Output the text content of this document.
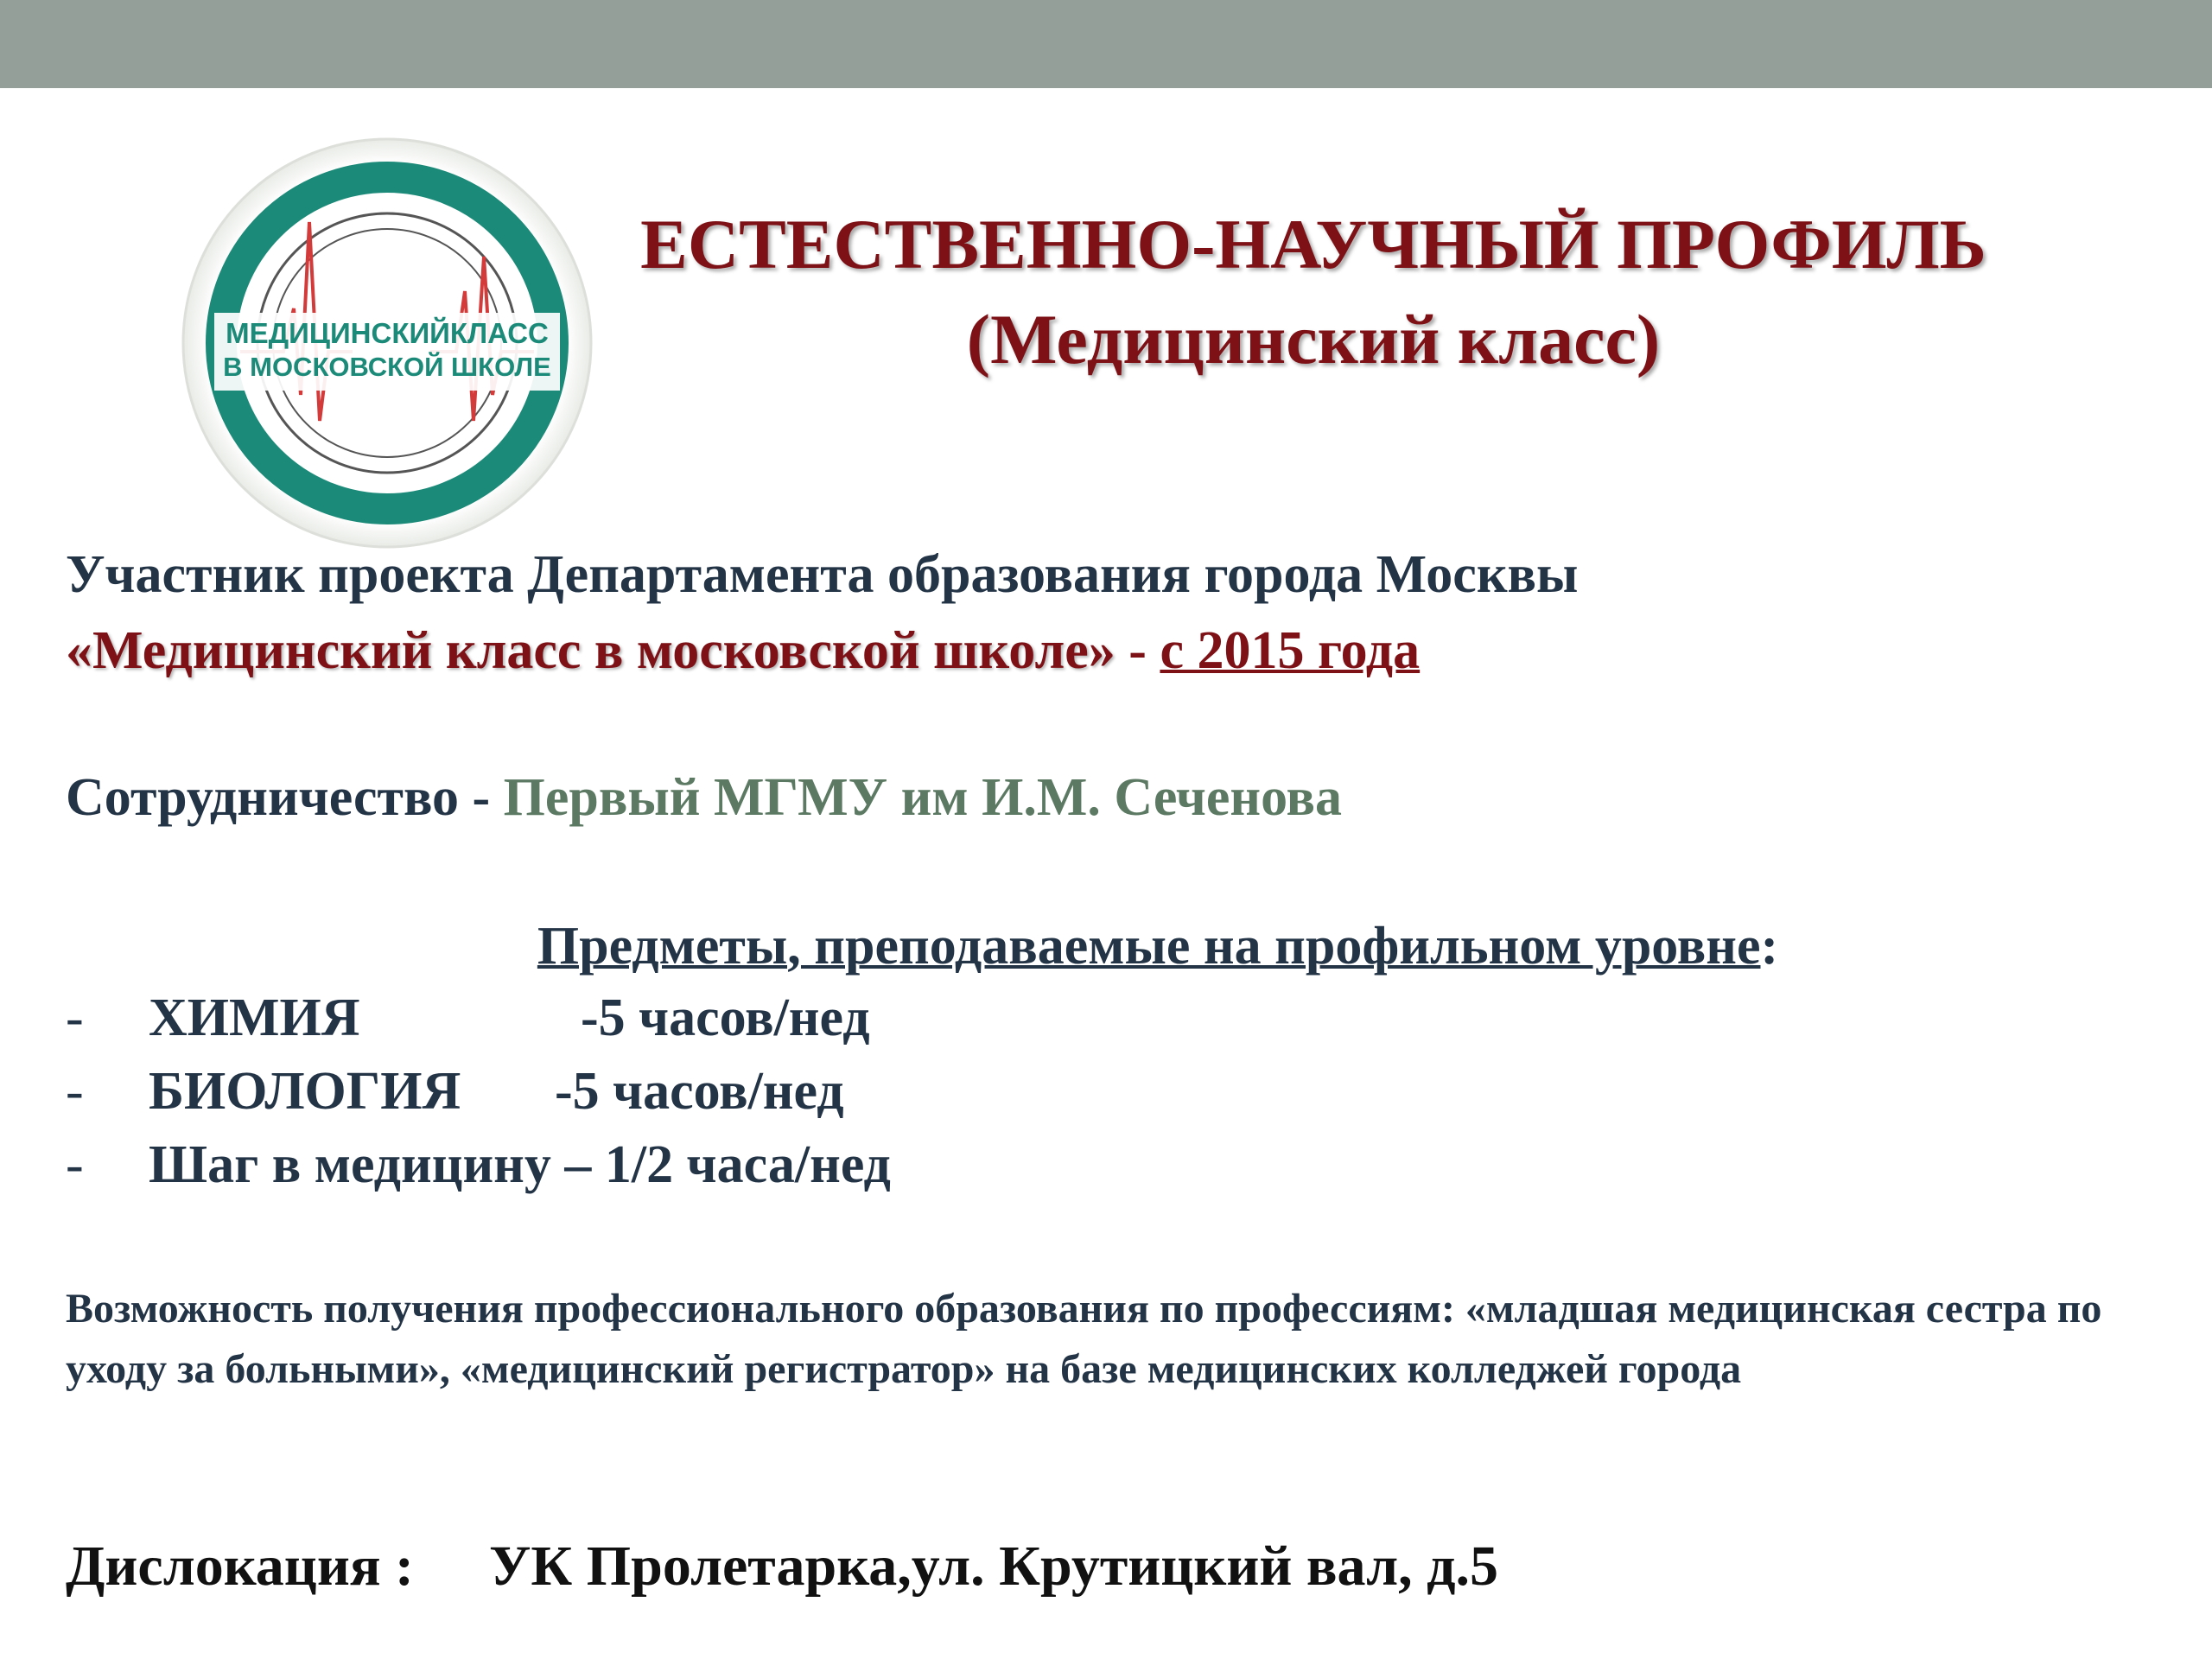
МЕДИЦИНСКИЙКЛАСС
В МОСКОВСКОЙ ШКОЛЕ
ЕСТЕСТВЕННО-НАУЧНЫЙ ПРОФИЛЬ
(Медицинский класс)
Участник проекта Департамента образования города Москвы
«Медицинский класс в московской школе» - с 2015 года
Сотрудничество - Первый МГМУ им И.М. Сеченова
Предметы, преподаваемые на профильном уровне:
- ХИМИЯ	-5 часов/нед
- БИОЛОГИЯ -5 часов/нед
- Шаг в медицину – 1/2 часа/нед
Возможность получения профессионального образования по профессиям: «младшая медицинская сестра по уходу за больными», «медицинский регистратор» на базе медицинских колледжей города
Дислокация : УК Пролетарка,ул. Крутицкий вал, д.5
